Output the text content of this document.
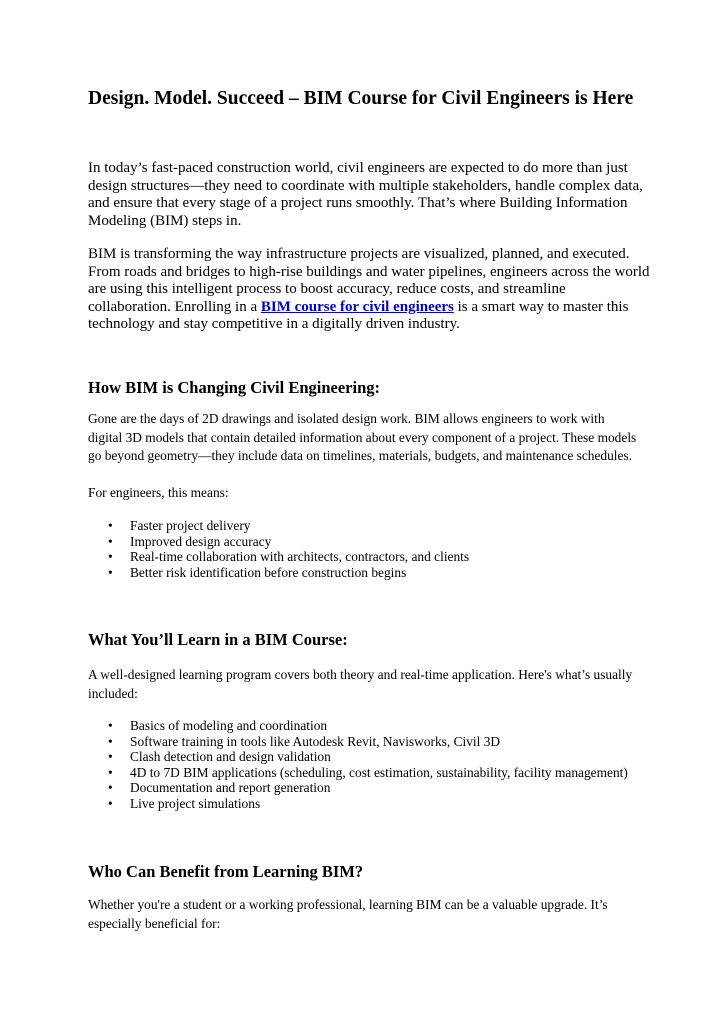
Design. Model. Succeed – BIM Course for Civil Engineers is Here

In today’s fast-paced construction world, civil engineers are expected to do more than just
design structures—they need to coordinate with multiple stakeholders, handle complex data,
and ensure that every stage of a project runs smoothly. That’s where Building Information
Modeling (BIM) steps in.

BIM is transforming the way infrastructure projects are visualized, planned, and executed.
From roads and bridges to high-rise buildings and water pipelines, engineers across the world
are using this intelligent process to boost accuracy, reduce costs, and streamline
collaboration. Enrolling in a BIM course for civil engineers is a smart way to master this
technology and stay competitive in a digitally driven industry.

How BIM is Changing Civil Engineering:

Gone are the days of 2D drawings and isolated design work. BIM allows engineers to work with
digital 3D models that contain detailed information about every component of a project. These models
go beyond geometry—they include data on timelines, materials, budgets, and maintenance schedules.

For engineers, this means:

• Faster project delivery
• Improved design accuracy
• Real-time collaboration with architects, contractors, and clients
• Better risk identification before construction begins
What You’ll Learn in a BIM Course:

A well-designed learning program covers both theory and real-time application. Here's what’s usually
included:

• Basics of modeling and coordination
• Software training in tools like Autodesk Revit, Navisworks, Civil 3D
• Clash detection and design validation
• 4D to 7D BIM applications (scheduling, cost estimation, sustainability, facility management)
• Documentation and report generation
• Live project simulations
Who Can Benefit from Learning BIM?

Whether you're a student or a working professional, learning BIM can be a valuable upgrade. It’s
especially beneficial for:
